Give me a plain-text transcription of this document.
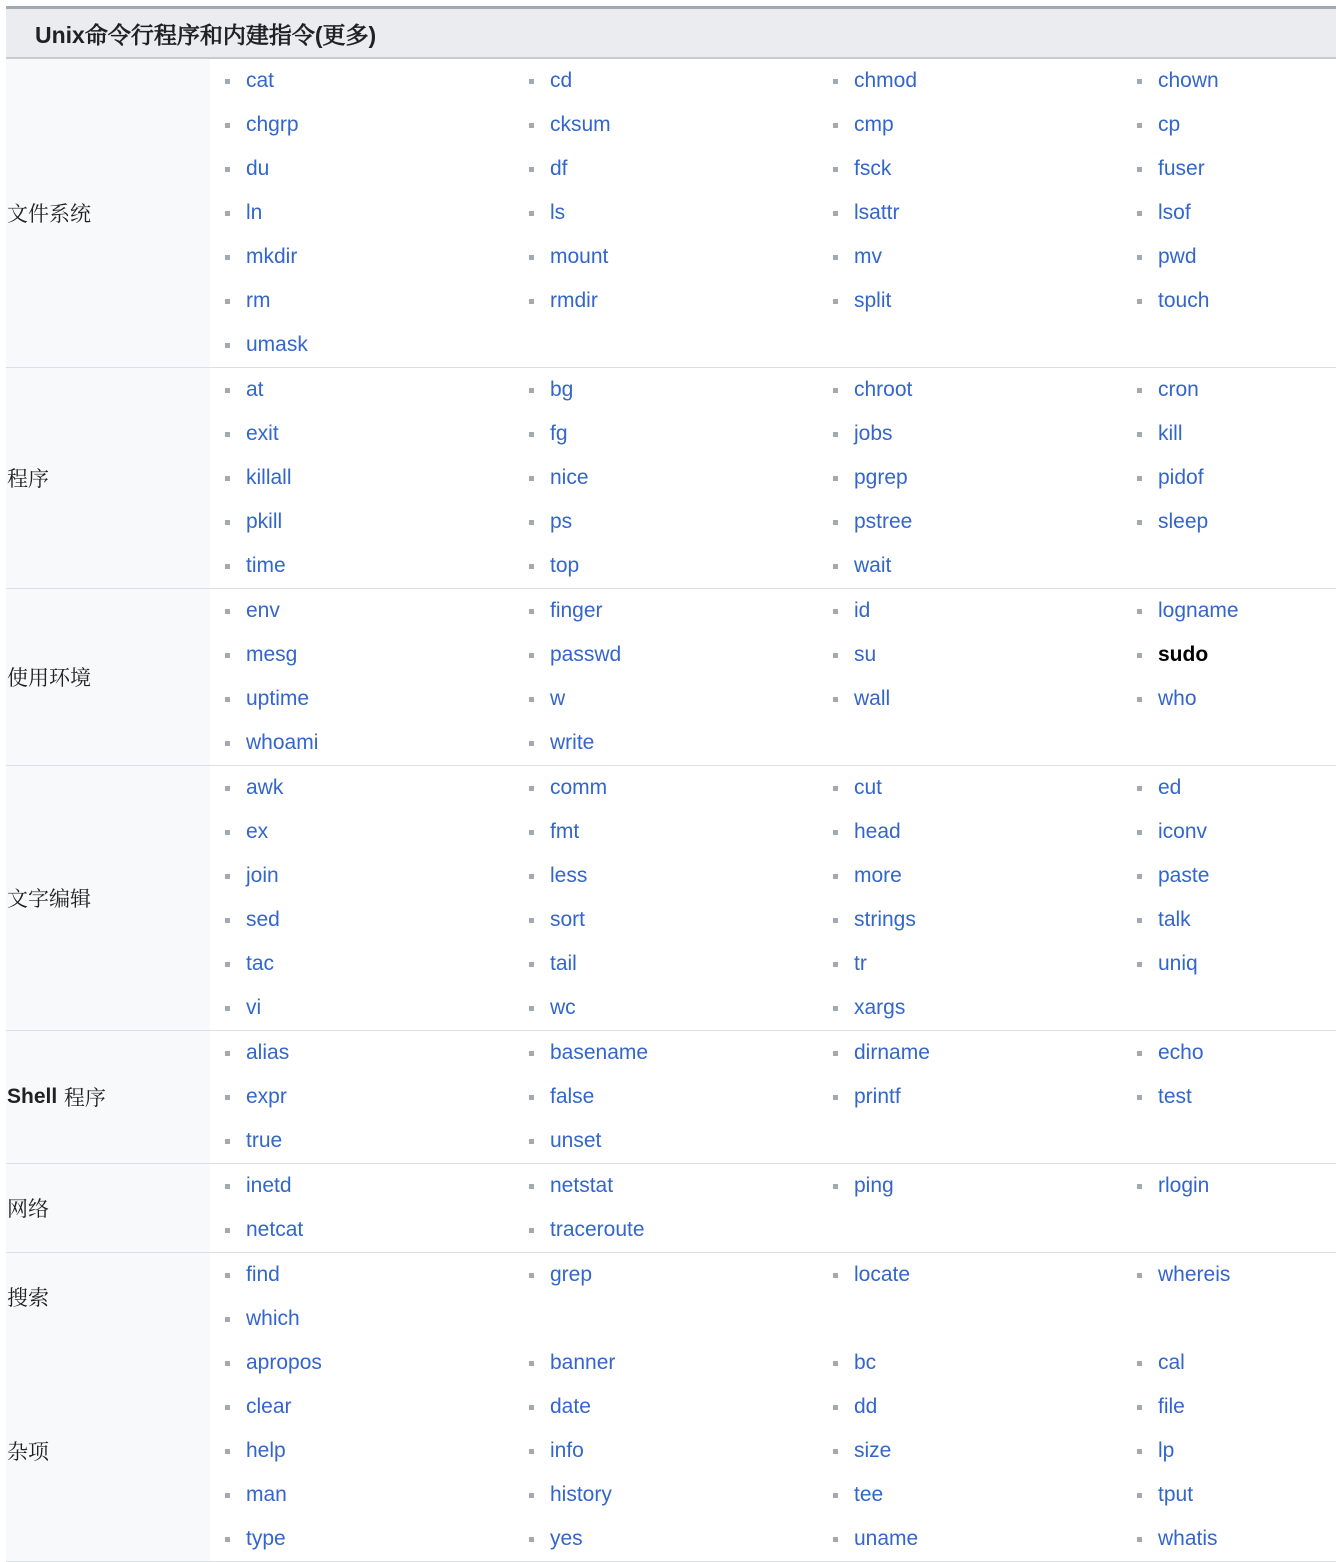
Unix命令行程序和内建指令(更多)
文件系统
cat	cd	chmod	chown
chgrp	cksum	cmp	cp
du	df	fsck	fuser
ln	ls	lsattr	lsof
mkdir	mount	mv	pwd
rm	rmdir	split	touch
umask
程序
at	bg	chroot	cron
exit	fg	jobs	kill
killall	nice	pgrep	pidof
pkill	ps	pstree	sleep
time	top	wait
使用环境
env	finger	id	logname
mesg	passwd	su	sudo
uptime	w	wall	who
whoami	write
文字编辑
awk	comm	cut	ed
ex	fmt	head	iconv
join	less	more	paste
sed	sort	strings	talk
tac	tail	tr	uniq
vi	wc	xargs
Shell
程序
alias	basename	dirname	echo
expr	false	printf	test
true	unset
网络
inetd	netstat	ping	rlogin
netcat	traceroute
搜索
find	grep	locate	whereis
which
杂项
apropos	banner	bc	cal
clear	date	dd	file
help	info	size	lp
man	history	tee	tput
type	yes	uname	whatis
